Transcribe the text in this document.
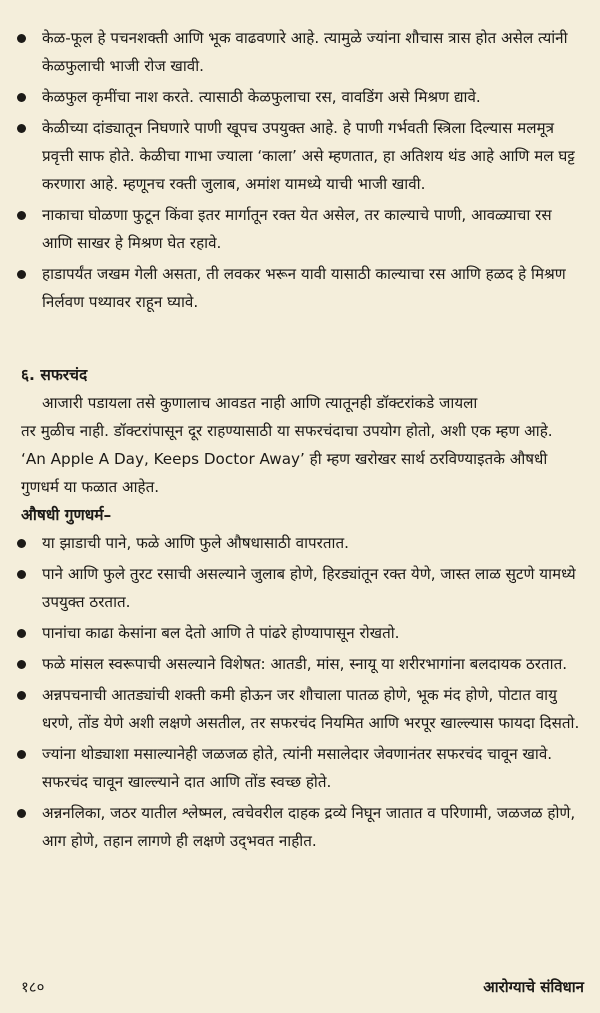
केळ-फूल हे पचनशक्ती आणि भूक वाढवणारे आहे. त्यामुळे ज्यांना शौचास त्रास होत असेल त्यांनी केळफुलाची भाजी रोज खावी.
केळफुल कृमींचा नाश करते. त्यासाठी केळफुलाचा रस, वावडिंग असे मिश्रण द्यावे.
केळीच्या दांड्यातून निघणारे पाणी खूपच उपयुक्त आहे. हे पाणी गर्भवती स्त्रिला दिल्यास मलमूत्र प्रवृत्ती साफ होते. केळीचा गाभा ज्याला ‘काला’ असे म्हणतात, हा अतिशय थंड आहे आणि मल घट्ट करणारा आहे. म्हणूनच रक्ती जुलाब, अमांश यामध्ये याची भाजी खावी.
नाकाचा घोळणा फुटून किंवा इतर मार्गातून रक्त येत असेल, तर काल्याचे पाणी, आवळ्याचा रस आणि साखर हे मिश्रण घेत रहावे.
हाडापर्यंत जखम गेली असता, ती लवकर भरून यावी यासाठी काल्याचा रस आणि हळद हे मिश्रण निर्लवण पथ्यावर राहून घ्यावे.
६. सफरचंद
आजारी पडायला तसे कुणालाच आवडत नाही आणि त्यातूनही डॉक्टरांकडे जायला
तर मुळीच नाही. डॉक्टरांपासून दूर राहण्यासाठी या सफरचंदाचा उपयोग होतो, अशी एक म्हण आहे. ‘An Apple A Day, Keeps Doctor Away’ ही म्हण खरोखर सार्थ ठरविण्याइतके औषधी गुणधर्म या फळात आहेत.
औषधी गुणधर्म–
या झाडाची पाने, फळे आणि फुले औषधासाठी वापरतात.
पाने आणि फुले तुरट रसाची असल्याने जुलाब होणे, हिरड्यांतून रक्त येणे, जास्त लाळ सुटणे यामध्ये उपयुक्त ठरतात.
पानांचा काढा केसांना बल देतो आणि ते पांढरे होण्यापासून रोखतो.
फळे मांसल स्वरूपाची असल्याने विशेषत: आतडी, मांस, स्नायू या शरीरभागांना बलदायक ठरतात.
अन्नपचनाची आतड्यांची शक्ती कमी होऊन जर शौचाला पातळ होणे, भूक मंद होणे, पोटात वायु धरणे, तोंड येणे अशी लक्षणे असतील, तर सफरचंद नियमित आणि भरपूर खाल्ल्यास फायदा दिसतो.
ज्यांना थोड्याशा मसाल्यानेही जळजळ होते, त्यांनी मसालेदार जेवणानंतर सफरचंद चावून खावे. सफरचंद चावून खाल्ल्याने दात आणि तोंड स्वच्छ होते.
अन्ननलिका, जठर यातील श्लेष्मल, त्वचेवरील दाहक द्रव्ये निघून जातात व परिणामी, जळजळ होणे, आग होणे, तहान लागणे ही लक्षणे उद्‌भवत नाहीत.
१८०	आरोग्याचे संविधान
